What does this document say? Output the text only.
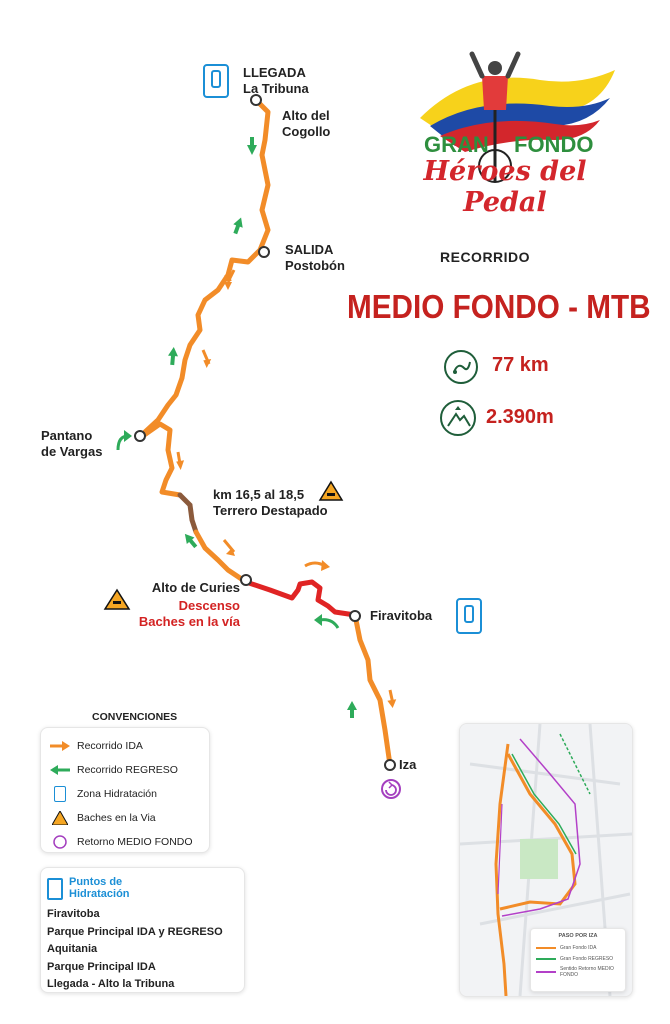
LLEGADA
La Tribuna
Alto del
Cogollo
SALIDA
Postobón
Pantano
de Vargas
km 16,5 al 18,5
Terrero Destapado
Alto de Curies
Descenso
Baches en la vía	Firavitoba
Iza
GRAN FONDO
Héroes del Pedal
RECORRIDO
MEDIO FONDO - MTB
77 km
2.390m
CONVENCIONES
Recorrido IDA
Recorrido REGRESO
Zona Hidratación
Baches en la Via
Retorno MEDIO FONDO
Puntos de
Hidratación
Firavitoba
Parque Principal IDA y REGRESO
Aquitania
Parque Principal IDA
Llegada - Alto la Tribuna
PASO POR IZA
Gran Fondo IDA
Gran Fondo REGRESO
Sentido Retorno MEDIO FONDO
